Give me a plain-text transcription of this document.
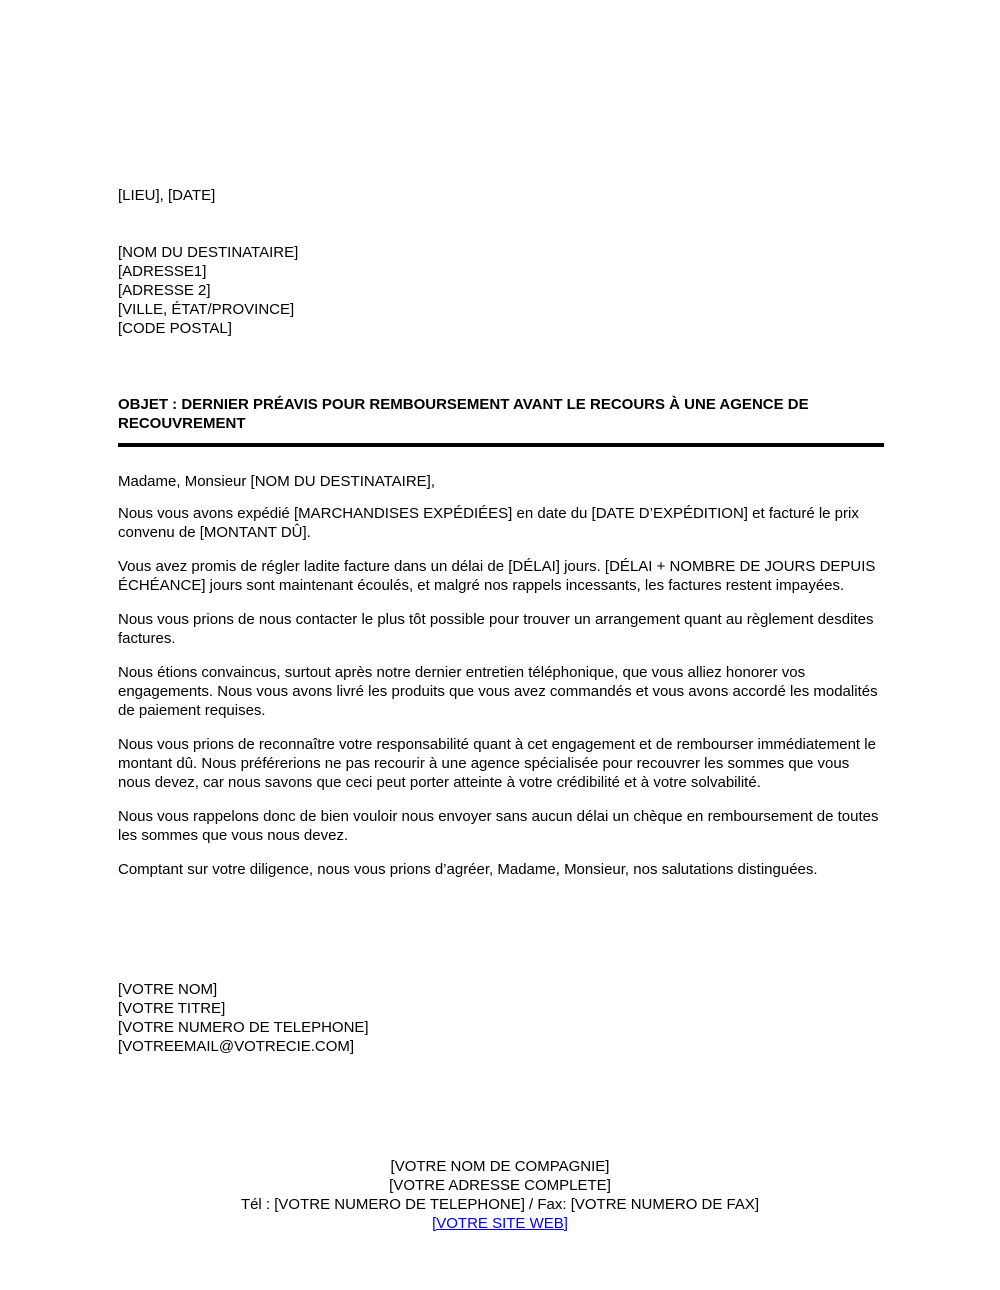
[LIEU], [DATE]
[NOM DU DESTINATAIRE]
[ADRESSE1]
[ADRESSE 2]
[VILLE, ÉTAT/PROVINCE]
[CODE POSTAL]
OBJET : DERNIER PRÉAVIS POUR REMBOURSEMENT AVANT LE RECOURS À UNE AGENCE DE RECOUVREMENT
Madame, Monsieur [NOM DU DESTINATAIRE],

Nous vous avons expédié [MARCHANDISES EXPÉDIÉES] en date du [DATE D’EXPÉDITION] et facturé le prix convenu de [MONTANT DÛ].

Vous avez promis de régler ladite facture dans un délai de [DÉLAI] jours. [DÉLAI + NOMBRE DE JOURS DEPUIS ÉCHÉANCE] jours sont maintenant écoulés, et malgré nos rappels incessants, les factures restent impayées.

Nous vous prions de nous contacter le plus tôt possible pour trouver un arrangement quant au règlement desdites factures.

Nous étions convaincus, surtout après notre dernier entretien téléphonique, que vous alliez honorer vos engagements. Nous vous avons livré les produits que vous avez commandés et vous avons accordé les modalités de paiement requises.

Nous vous prions de reconnaître votre responsabilité quant à cet engagement et de rembourser immédiatement le montant dû. Nous préférerions ne pas recourir à une agence spécialisée pour recouvrer les sommes que vous nous devez, car nous savons que ceci peut porter atteinte à votre crédibilité et à votre solvabilité.

Nous vous rappelons donc de bien vouloir nous envoyer sans aucun délai un chèque en remboursement de toutes les sommes que vous nous devez.

Comptant sur votre diligence, nous vous prions d’agréer, Madame, Monsieur, nos salutations distinguées.

[VOTRE NOM]
[VOTRE TITRE]
[VOTRE NUMERO DE TELEPHONE]
[VOTREEMAIL@VOTRECIE.COM]
[VOTRE NOM DE COMPAGNIE]
[VOTRE ADRESSE COMPLETE]
Tél : [VOTRE NUMERO DE TELEPHONE] / Fax: [VOTRE NUMERO DE FAX]
[VOTRE SITE WEB]
